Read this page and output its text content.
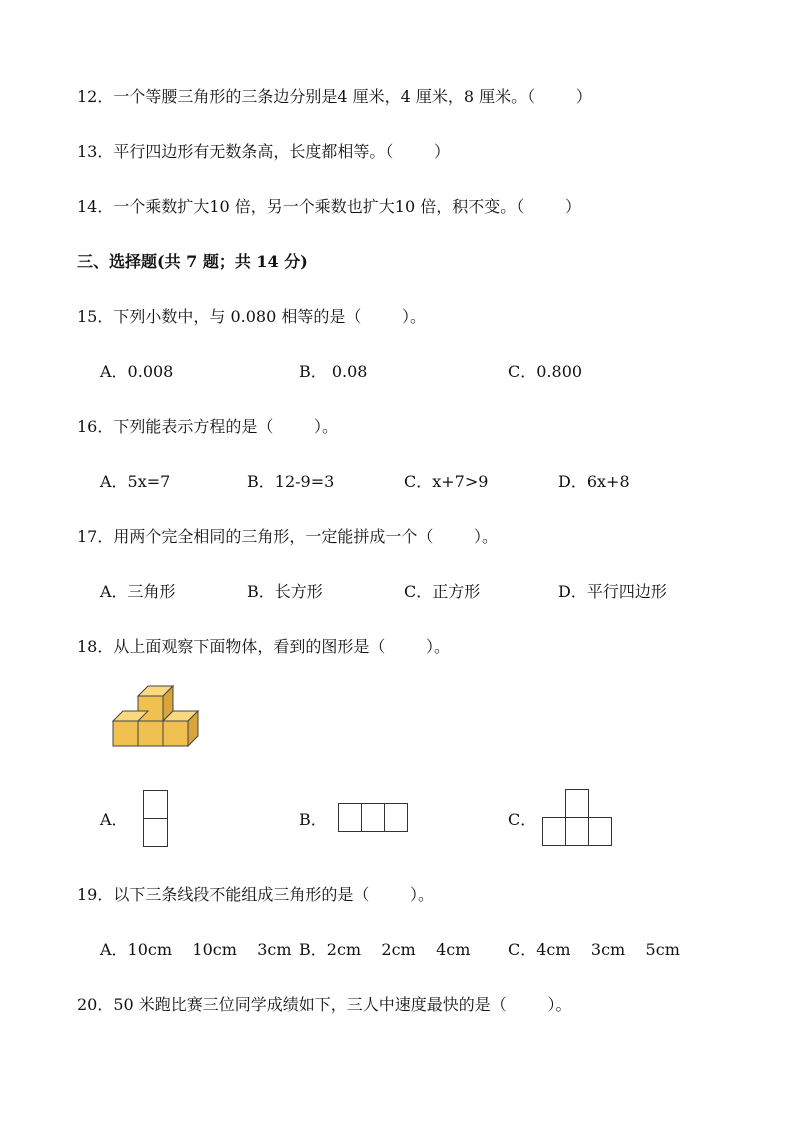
12．一个等腰三角形的三条边分别是4 厘米，4 厘米，8 厘米。（        ）
13．平行四边形有无数条高，长度都相等。（        ）
14．一个乘数扩大10 倍，另一个乘数也扩大10 倍，积不变。（        ）
三、选择题(共 7 题；共 14 分)
15．下列小数中，与 0.080 相等的是（        ）。
A．0.008	B． 0.08	C．0.800
16．下列能表示方程的是（        ）。
A．5x=7	B．12-9=3	C．x+7>9	D．6x+8
17．用两个完全相同的三角形，一定能拼成一个（        ）。
A．三角形	B．长方形	C．正方形	D．平行四边形
18．从上面观察下面物体，看到的图形是（        ）。
A．	B．	C．
19．以下三条线段不能组成三角形的是（        ）。
A．10cm    10cm    3cm B．2cm    2cm    4cm C．4cm    3cm    5cm
20．50 米跑比赛三位同学成绩如下，三人中速度最快的是（        ）。
